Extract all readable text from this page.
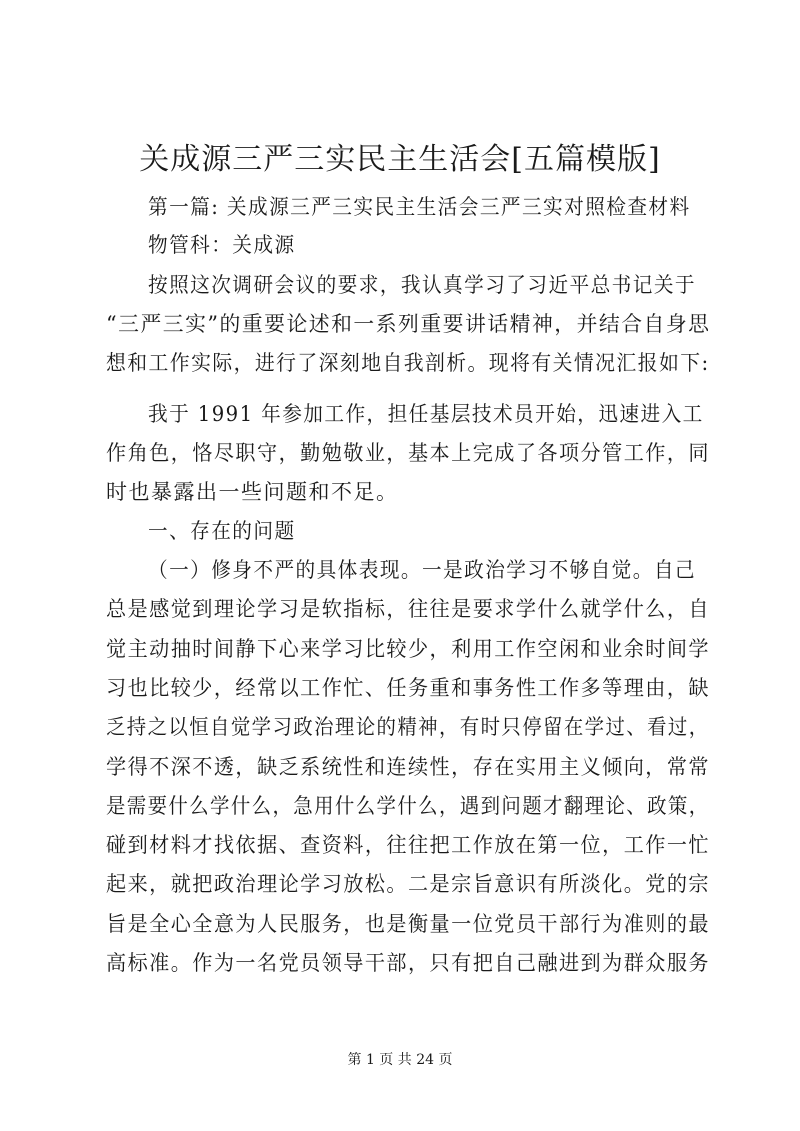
关成源三严三实民主生活会[五篇模版]
第一篇: 关成源三严三实民主生活会三严三实对照检查材料
物管科：关成源
按照这次调研会议的要求，我认真学习了习近平总书记关于
“三严三实”的重要论述和一系列重要讲话精神，并结合自身思
想和工作实际，进行了深刻地自我剖析。现将有关情况汇报如下:
我于 1991 年参加工作，担任基层技术员开始，迅速进入工
作角色，恪尽职守，勤勉敬业，基本上完成了各项分管工作，同
时也暴露出一些问题和不足。
一、存在的问题
（一）修身不严的具体表现。一是政治学习不够自觉。自己
总是感觉到理论学习是软指标，往往是要求学什么就学什么，自
觉主动抽时间静下心来学习比较少，利用工作空闲和业余时间学
习也比较少，经常以工作忙、任务重和事务性工作多等理由，缺
乏持之以恒自觉学习政治理论的精神，有时只停留在学过、看过，
学得不深不透，缺乏系统性和连续性，存在实用主义倾向，常常
是需要什么学什么，急用什么学什么，遇到问题才翻理论、政策，
碰到材料才找依据、查资料，往往把工作放在第一位，工作一忙
起来，就把政治理论学习放松。二是宗旨意识有所淡化。党的宗
旨是全心全意为人民服务，也是衡量一位党员干部行为准则的最
高标准。作为一名党员领导干部，只有把自己融进到为群众服务
第 1 页 共 24 页
